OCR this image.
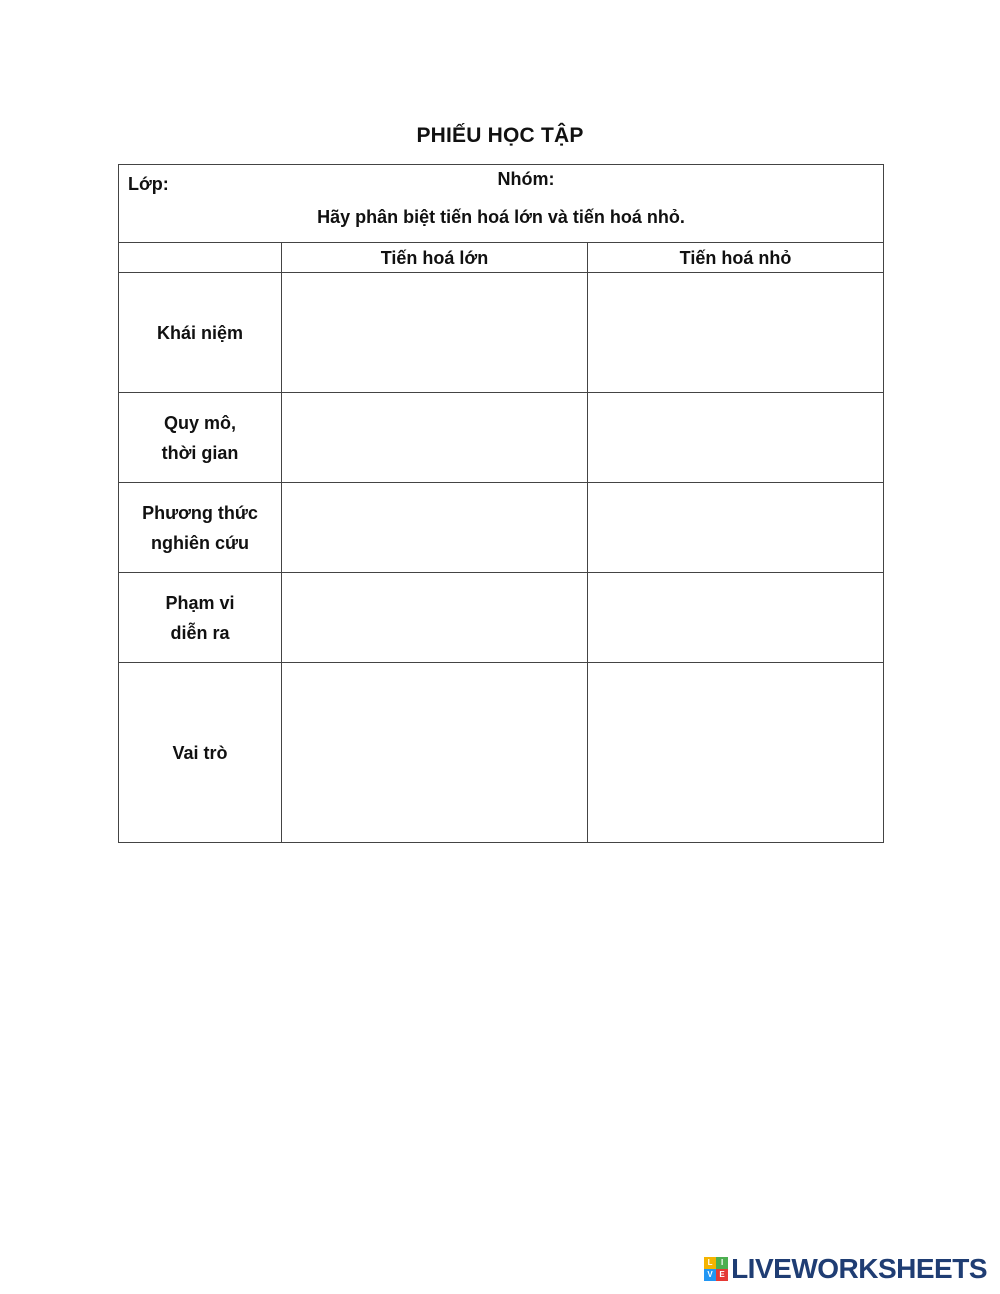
PHIẾU HỌC TẬP
Lớp: Nhóm:
Hãy phân biệt tiến hoá lớn và tiến hoá nhỏ.		

	Tiến hoá lớn	Tiến hoá nhỏ

Khái niệm		

Quy mô,
thời gian		

Phương thức
nghiên cứu		

Phạm vi
diễn ra		

Vai trò		

L	I
V E LIVEWORKSHEETS
